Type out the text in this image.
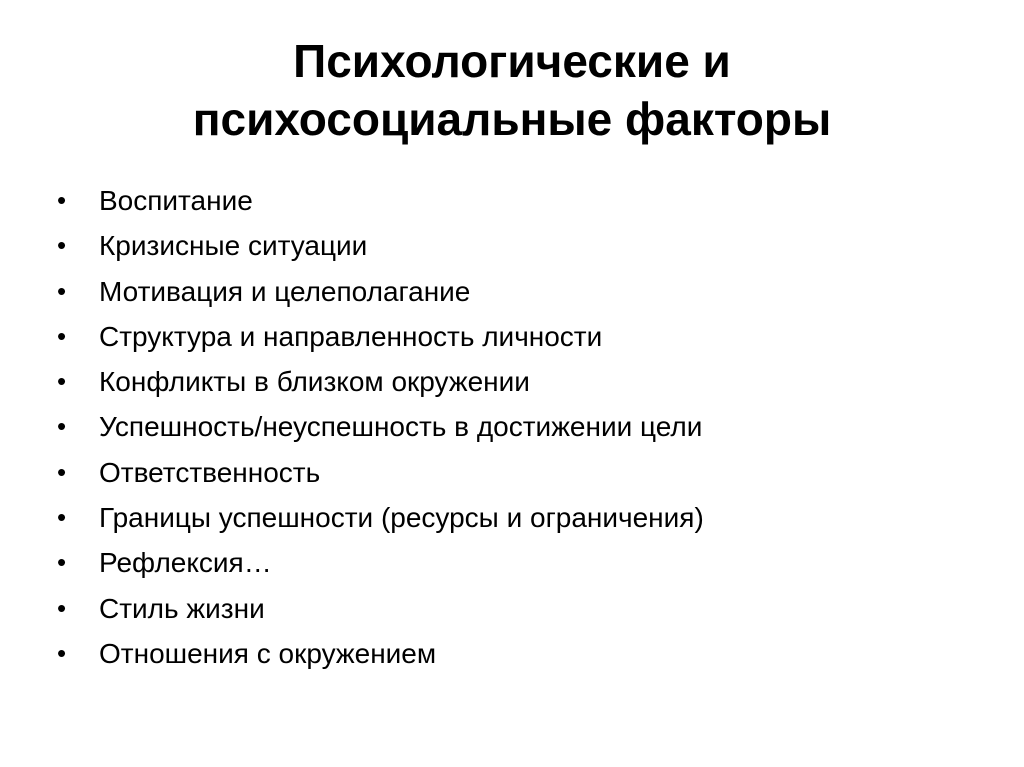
Психологические и
психосоциальные факторы
• Воспитание
• Кризисные ситуации
• Мотивация и целеполагание
• Структура и направленность личности
• Конфликты в близком окружении
• Успешность/неуспешность в достижении цели
• Ответственность
• Границы успешности (ресурсы и ограничения)
• Рефлексия…
• Стиль жизни
• Отношения с окружением
